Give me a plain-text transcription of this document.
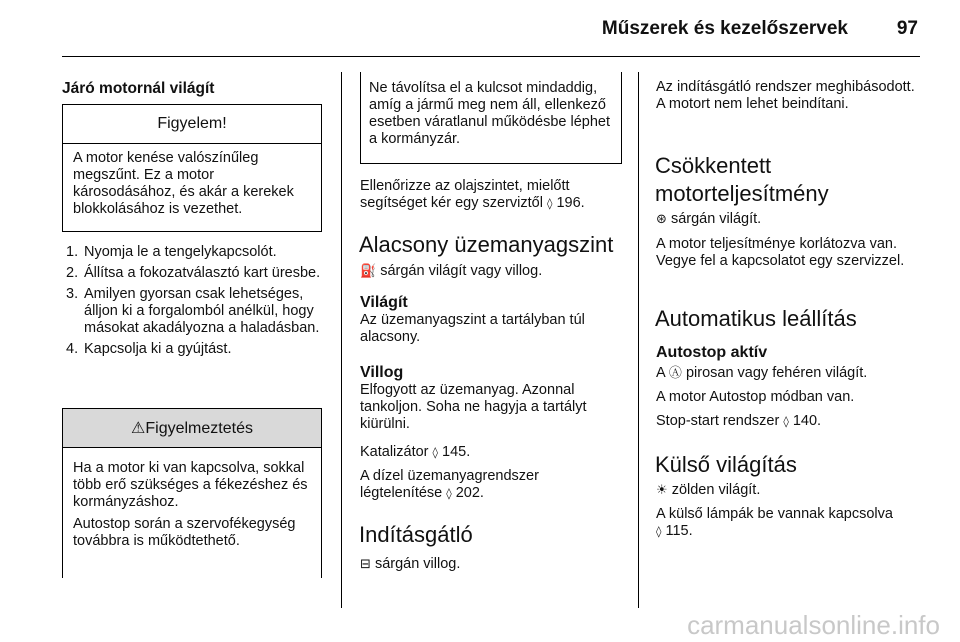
Műszerek és kezelőszervek	97
Járó motornál világít
Figyelem!

A motor kenése valószínűleg megszűnt. Ez a motor károsodásához, és akár a kerekek blokkolásához is vezethet.

1. Nyomja le a tengelykapcsolót.
2. Állítsa a fokozatválasztó kart üresbe.
3. Amilyen gyorsan csak lehetséges, álljon ki a forgalomból anélkül, hogy másokat akadályozna a haladásban.
4. Kapcsolja ki a gyújtást.
⚠Figyelmeztetés

Ha a motor ki van kapcsolva, sokkal több erő szükséges a fékezéshez és kormányzáshoz.

Autostop során a szervofékegység továbbra is működtethető.

Ne távolítsa el a kulcsot mindaddig, amíg a jármű meg nem áll, ellenkező esetben váratlanul működésbe léphet a kormányzár.

Ellenőrizze az olajszintet, mielőtt segítséget kér egy szerviztől ◊ 196.

Alacsony üzemanyagszint

⛽ sárgán világít vagy villog.

Világít

Az üzemanyagszint a tartályban túl alacsony.

Villog

Elfogyott az üzemanyag. Azonnal tankoljon. Soha ne hagyja a tartályt kiürülni.

Katalizátor ◊ 145.

A dízel üzemanyagrendszer légtelenítése ◊ 202.

Indításgátló

⊟ sárgán villog.

Az indításgátló rendszer meghibásodott. A motort nem lehet beindítani.

Csökkentett
motorteljesítmény

⊛ sárgán világít.

A motor teljesítménye korlátozva van. Vegye fel a kapcsolatot egy szervizzel.

Automatikus leállítás
Autostop aktív

A Ⓐ pirosan vagy fehéren világít.

A motor Autostop módban van.

Stop-start rendszer ◊ 140.

Külső világítás

☀ zölden világít.

A külső lámpák be vannak kapcsolva
◊ 115.

carmanualsonline.info
